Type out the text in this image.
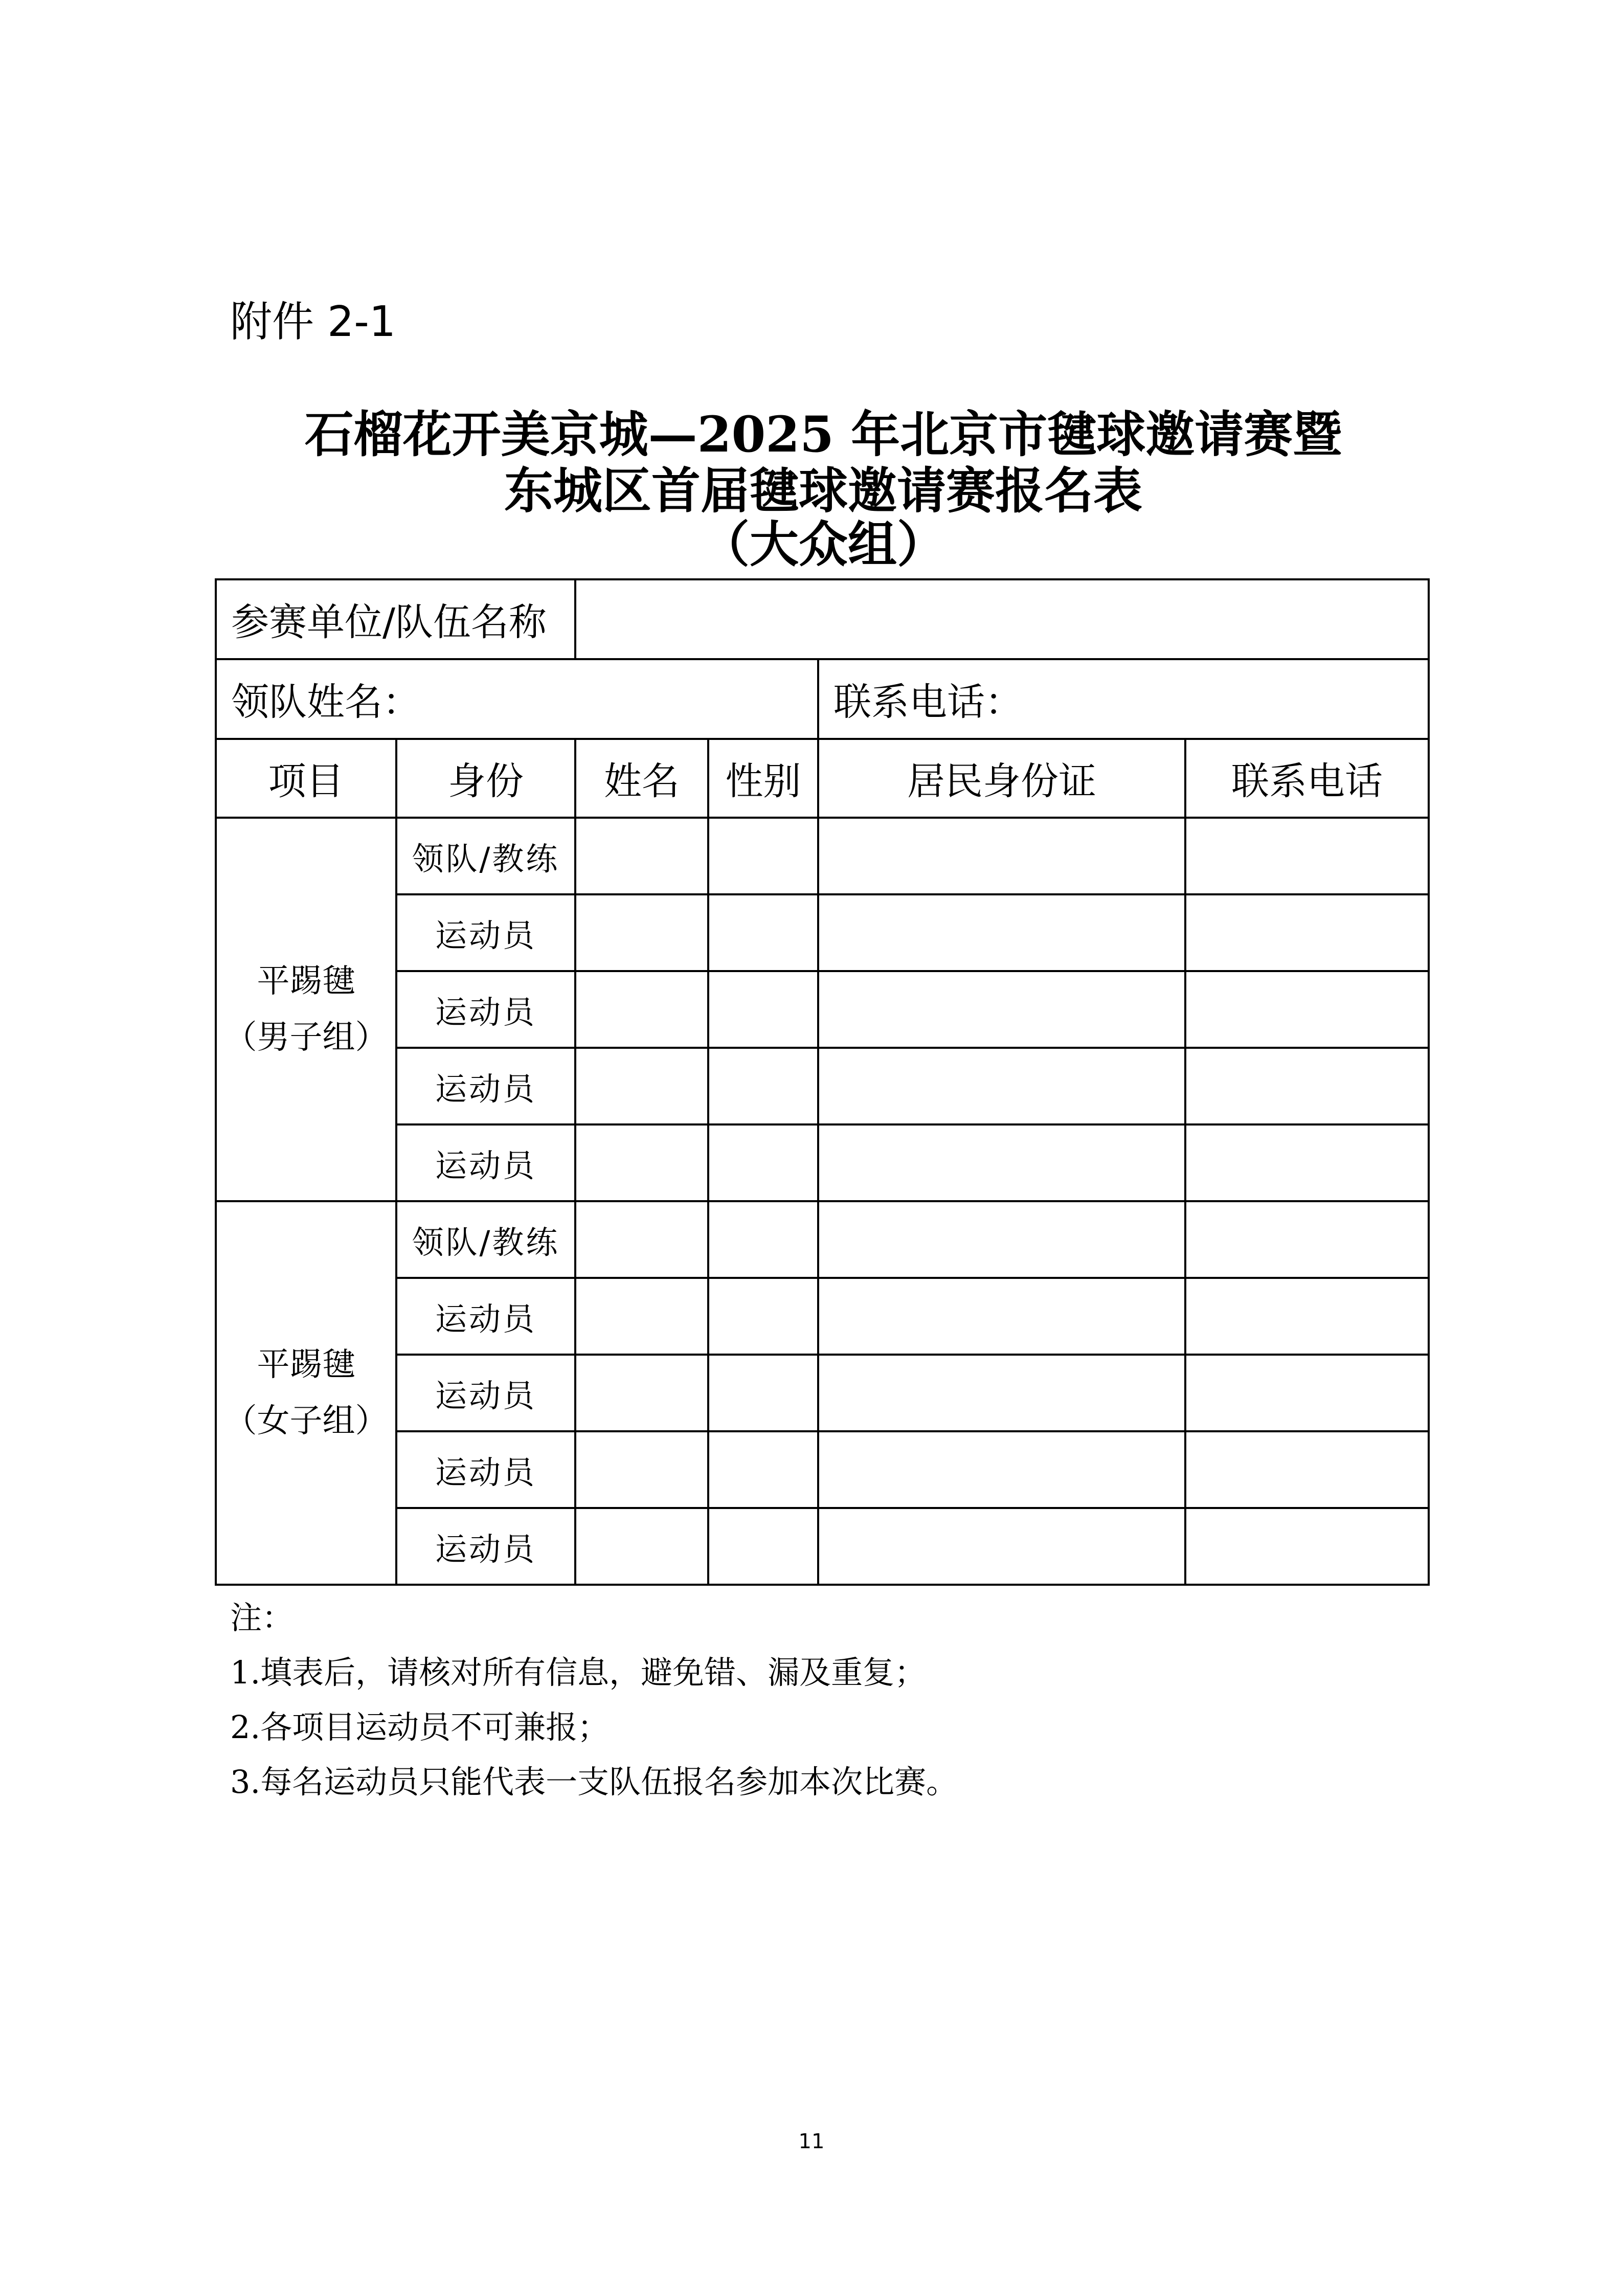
附件 2-1
石榴花开美京城—2025 年北京市毽球邀请赛暨
东城区首届毽球邀请赛报名表
（大众组）
参赛单位/队伍名称					
领队姓名：				联系电话：	
项目	身份	姓名	性别	居民身份证	联系电话

平踢毽
（男子组）	领队/教练				
	运动员				
	运动员				
	运动员				
	运动员				

平踢毽
（女子组）	领队/教练				
	运动员				
	运动员				
	运动员				
	运动员				
注：
1.填表后，请核对所有信息，避免错、漏及重复；
2.各项目运动员不可兼报；
3.每名运动员只能代表一支队伍报名参加本次比赛。
11
